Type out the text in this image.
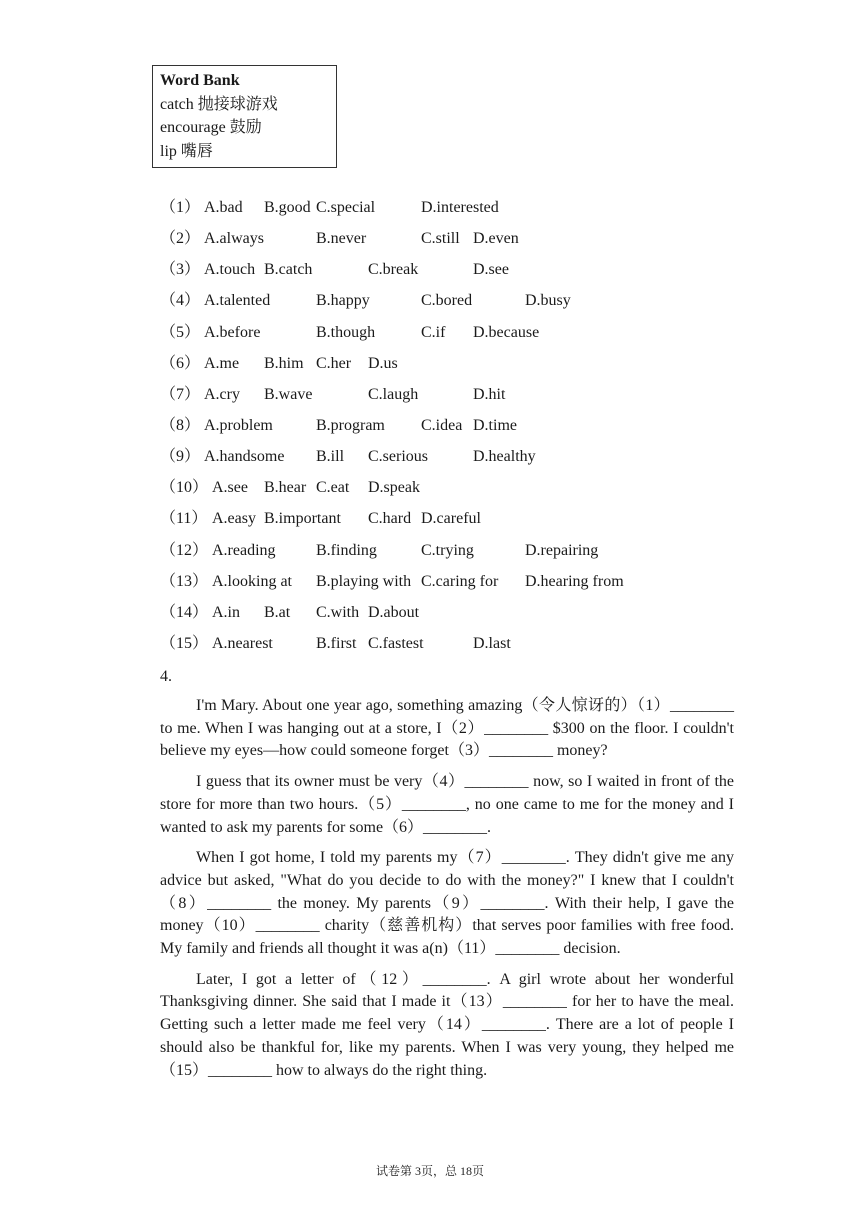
Word Bank
catch 抛接球游戏
encourage 鼓励
lip 嘴唇
（1） A.bad B.good C.special	D.interested
（2） A.always	B.never	C.still D.even
（3） A.touch B.catch	C.break	D.see
（4） A.talented	B.happy	C.bored	D.busy
（5） A.before	B.though	C.if D.because
（6） A.me B.him C.her D.us
（7） A.cry B.wave	C.laugh	D.hit
（8） A.problem	B.program C.idea D.time
（9） A.handsome B.ill C.serious	D.healthy
（10） A.see B.hear C.eat D.speak
（11） A.easy B.important C.hard D.careful
（12） A.reading	B.finding	C.trying	D.repairing
（13） A.looking at B.playing with C.caring for D.hearing from
（14） A.in B.at C.with D.about
（15） A.nearest	B.first C.fastest	D.last
4.

I'm Mary. About one year ago, something amazing（令人惊讶的）（1）________ to me. When I was hanging out at a store, I（2）________ $300 on the floor. I couldn't believe my eyes—how could someone forget（3）________ money?

I guess that its owner must be very（4）________ now, so I waited in front of the store for more than two hours.（5）________, no one came to me for the money and I wanted to ask my parents for some（6）________.

When I got home, I told my parents my（7）________. They didn't give me any advice but asked, "What do you decide to do with the money?" I knew that I couldn't（8）________ the money. My parents（9）________. With their help, I gave the money（10）________ charity（慈善机构）that serves poor families with free food. My family and friends all thought it was a(n)（11）________ decision.

Later, I got a letter of（12）________. A girl wrote about her wonderful Thanksgiving dinner. She said that I made it（13）________ for her to have the meal. Getting such a letter made me feel very（14）________. There are a lot of people I should also be thankful for, like my parents. When I was very young, they helped me（15）________ how to always do the right thing.

试卷第 3页，总 18页
